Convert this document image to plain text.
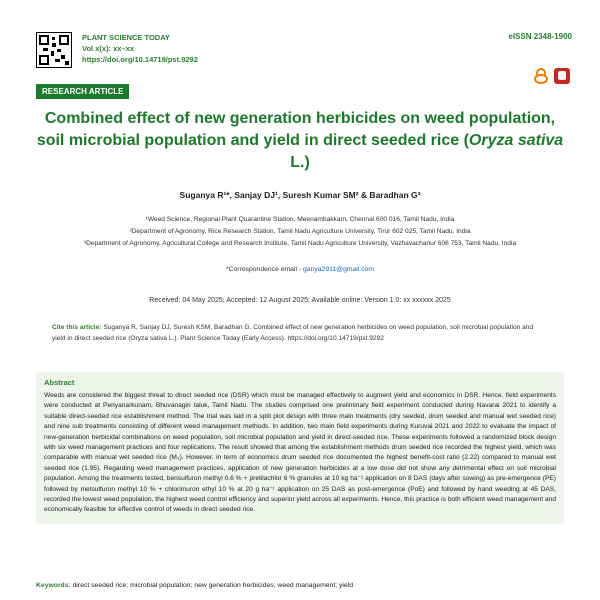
PLANT SCIENCE TODAY
Vol x(x): xx–xx
https://doi.org/10.14719/pst.9292
eISSN 2348-1900
RESEARCH ARTICLE
Combined effect of new generation herbicides on weed population, soil microbial population and yield in direct seeded rice (Oryza sativa L.)
Suganya R¹*, Sanjay DJ¹, Suresh Kumar SM² & Baradhan G³
¹Weed Science, Regional Plant Quarantine Station, Meenambakkam, Chennai 600 016, Tamil Nadu, India
²Department of Agronomy, Rice Research Station, Tamil Nadu Agriculture University, Tirur 602 025, Tamil Nadu, India
³Department of Agronomy, Agricultural College and Research Institute, Tamil Nadu Agriculture University, Vazhavachanur 606 753, Tamil Nadu, India
*Correspondence email - ganya2911@gmail.com
Received: 04 May 2025; Accepted: 12 August 2025; Available online: Version 1.0: xx xxxxxx 2025
Cite this article: Suganya R, Sanjay DJ, Suresh KSM, Baradhan G. Combined effect of new generation herbicides on weed population, soil microbial population and yield in direct seeded rice (Oryza sativa L.). Plant Science Today (Early Access). https://doi.org/10.14719/pst.9292
Abstract
Weeds are considered the biggest threat to direct seeded rice (DSR) which must be managed effectively to augment yield and economics in DSR. Hence, field experiments were conducted at Periyanarkunam, Bhuvanagiri taluk, Tamil Nadu. The studies comprised one preliminary field experiment conducted during Navarai 2021 to identify a suitable direct-seeded rice establishment method. The trial was laid in a split plot design with three main treatments (dry seeded, drum seeded and manual wet seeded rice) and nine sub treatments consisting of different weed management methods. In addition, two main field experiments during Kuruvai 2021 and 2022 to evaluate the impact of new-generation herbicidal combinations on weed population, soil microbial population and yield in direct-seeded rice. These experiments followed a randomized block design with six weed management practices and four replications. The result showed that among the establishment methods drum seeded rice recorded the highest yield, which was comparable with manual wet seeded rice (M₃). However, in term of economics drum seeded rice documented the highest benefit-cost ratio (2.22) compared to manual wet seeded rice (1.95). Regarding weed management practices, application of new generation herbicides at a low dose did not show any detrimental effect on soil microbial population. Among the treatments tested, bensulfuron methyl 0.6 % + pretilachlor 6 % granules at 10 kg ha⁻¹ application on 8 DAS (days after sowing) as pre-emergence (PE) followed by metsulfuron methyl 10 % + chlorimuron ethyl 10 % at 20 g ha⁻¹ application on 25 DAS as post-emergence (PoE) and followed by hand weeding at 45 DAS, recorded the lowest weed population, the highest weed control efficiency and superior yield across all experiments. Hence, this practice is both efficient weed management and economically feasible for effective control of weeds in direct seeded rice.
Keywords: direct seeded rice; microbial population; new generation herbicides; weed management; yield
